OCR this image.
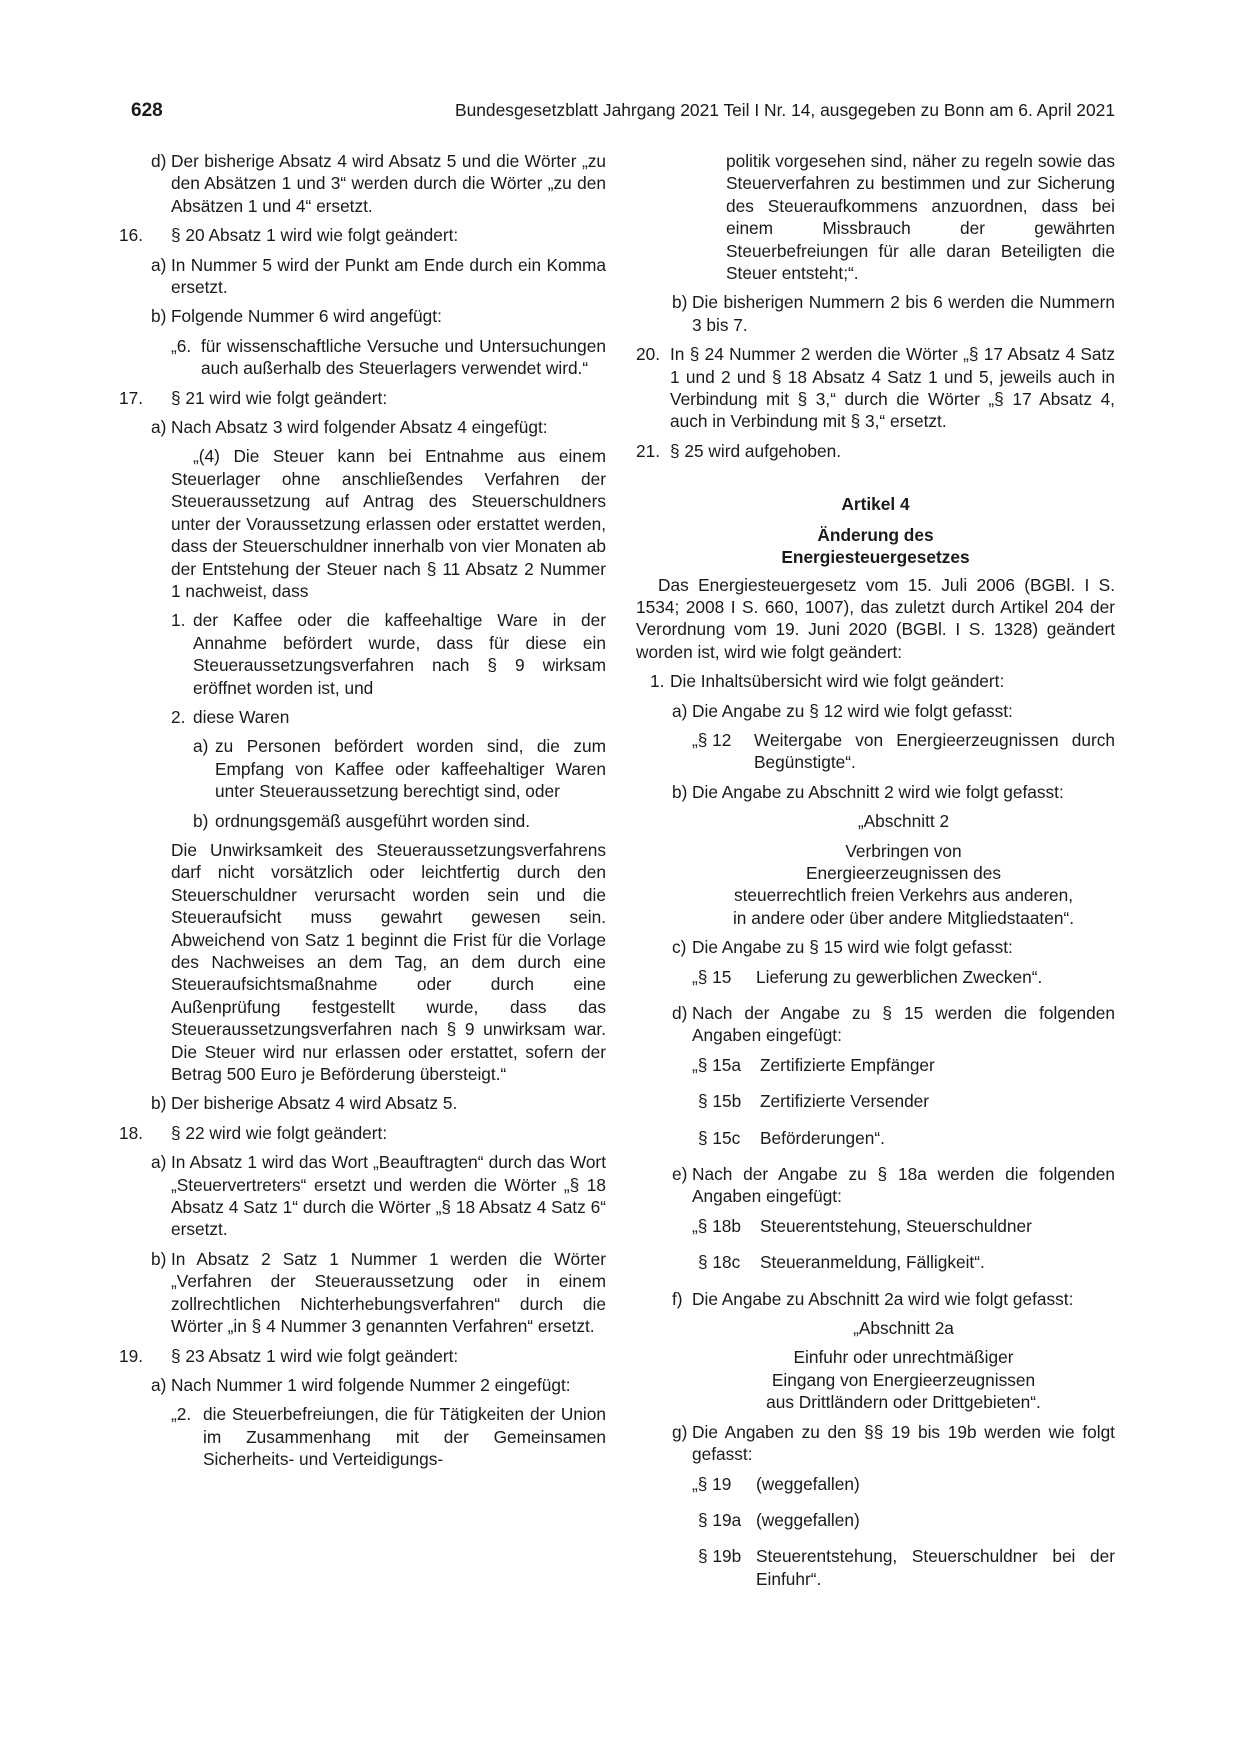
628	Bundesgesetzblatt Jahrgang 2021 Teil I Nr. 14, ausgegeben zu Bonn am 6. April 2021
d) Der bisherige Absatz 4 wird Absatz 5 und die Wörter „zu den Absätzen 1 und 3“ werden durch die Wörter „zu den Absätzen 1 und 4“ ersetzt.
16. § 20 Absatz 1 wird wie folgt geändert:
a) In Nummer 5 wird der Punkt am Ende durch ein Komma ersetzt.
b) Folgende Nummer 6 wird angefügt:
„6. für wissenschaftliche Versuche und Untersuchungen auch außerhalb des Steuerlagers verwendet wird.“
17. § 21 wird wie folgt geändert:
a) Nach Absatz 3 wird folgender Absatz 4 eingefügt:
„(4) Die Steuer kann bei Entnahme aus einem Steuerlager ohne anschließendes Verfahren der Steueraussetzung auf Antrag des Steuerschuldners unter der Voraussetzung erlassen oder erstattet werden, dass der Steuerschuldner innerhalb von vier Monaten ab der Entstehung der Steuer nach § 11 Absatz 2 Nummer 1 nachweist, dass
1. der Kaffee oder die kaffeehaltige Ware in der Annahme befördert wurde, dass für diese ein Steueraussetzungsverfahren nach § 9 wirksam eröffnet worden ist, und
2. diese Waren
a) zu Personen befördert worden sind, die zum Empfang von Kaffee oder kaffeehaltiger Waren unter Steueraussetzung berechtigt sind, oder
b) ordnungsgemäß ausgeführt worden sind.
Die Unwirksamkeit des Steueraussetzungsverfahrens darf nicht vorsätzlich oder leichtfertig durch den Steuerschuldner verursacht worden sein und die Steueraufsicht muss gewahrt gewesen sein. Abweichend von Satz 1 beginnt die Frist für die Vorlage des Nachweises an dem Tag, an dem durch eine Steueraufsichtsmaßnahme oder durch eine Außenprüfung festgestellt wurde, dass das Steueraussetzungsverfahren nach § 9 unwirksam war. Die Steuer wird nur erlassen oder erstattet, sofern der Betrag 500 Euro je Beförderung übersteigt.“
b) Der bisherige Absatz 4 wird Absatz 5.
18. § 22 wird wie folgt geändert:
a) In Absatz 1 wird das Wort „Beauftragten“ durch das Wort „Steuervertreters“ ersetzt und werden die Wörter „§ 18 Absatz 4 Satz 1“ durch die Wörter „§ 18 Absatz 4 Satz 6“ ersetzt.
b) In Absatz 2 Satz 1 Nummer 1 werden die Wörter „Verfahren der Steueraussetzung oder in einem zollrechtlichen Nichterhebungsverfahren“ durch die Wörter „in § 4 Nummer 3 genannten Verfahren“ ersetzt.
19. § 23 Absatz 1 wird wie folgt geändert:
a) Nach Nummer 1 wird folgende Nummer 2 eingefügt:
„2. die Steuerbefreiungen, die für Tätigkeiten der Union im Zusammenhang mit der Gemeinsamen Sicherheits- und Verteidigungs-
politik vorgesehen sind, näher zu regeln sowie das Steuerverfahren zu bestimmen und zur Sicherung des Steueraufkommens anzuordnen, dass bei einem Missbrauch der gewährten Steuerbefreiungen für alle daran Beteiligten die Steuer entsteht;“.
b) Die bisherigen Nummern 2 bis 6 werden die Nummern 3 bis 7.
20. In § 24 Nummer 2 werden die Wörter „§ 17 Absatz 4 Satz 1 und 2 und § 18 Absatz 4 Satz 1 und 5, jeweils auch in Verbindung mit § 3,“ durch die Wörter „§ 17 Absatz 4, auch in Verbindung mit § 3,“ ersetzt.
21. § 25 wird aufgehoben.
Artikel 4
Änderung des
Energiesteuergesetzes
Das Energiesteuergesetz vom 15. Juli 2006 (BGBl. I S. 1534; 2008 I S. 660, 1007), das zuletzt durch Artikel 204 der Verordnung vom 19. Juni 2020 (BGBl. I S. 1328) geändert worden ist, wird wie folgt geändert:
1. Die Inhaltsübersicht wird wie folgt geändert:
a) Die Angabe zu § 12 wird wie folgt gefasst:
„§ 12 Weitergabe von Energieerzeugnissen durch Begünstigte“.
b) Die Angabe zu Abschnitt 2 wird wie folgt gefasst:
„Abschnitt 2
Verbringen von
Energieerzeugnissen des
steuerrechtlich freien Verkehrs aus anderen,
in andere oder über andere Mitgliedstaaten“.
c) Die Angabe zu § 15 wird wie folgt gefasst:
„§ 15 Lieferung zu gewerblichen Zwecken“.
d) Nach der Angabe zu § 15 werden die folgenden Angaben eingefügt:
„§ 15a Zertifizierte Empfänger
§ 15b Zertifizierte Versender
§ 15c Beförderungen“.
e) Nach der Angabe zu § 18a werden die folgenden Angaben eingefügt:
„§ 18b Steuerentstehung, Steuerschuldner
§ 18c Steueranmeldung, Fälligkeit“.
f) Die Angabe zu Abschnitt 2a wird wie folgt gefasst:
„Abschnitt 2a
Einfuhr oder unrechtmäßiger
Eingang von Energieerzeugnissen
aus Drittländern oder Drittgebieten“.
g) Die Angaben zu den §§ 19 bis 19b werden wie folgt gefasst:
„§ 19 (weggefallen)
§ 19a (weggefallen)
§ 19b Steuerentstehung, Steuerschuldner bei der Einfuhr“.
